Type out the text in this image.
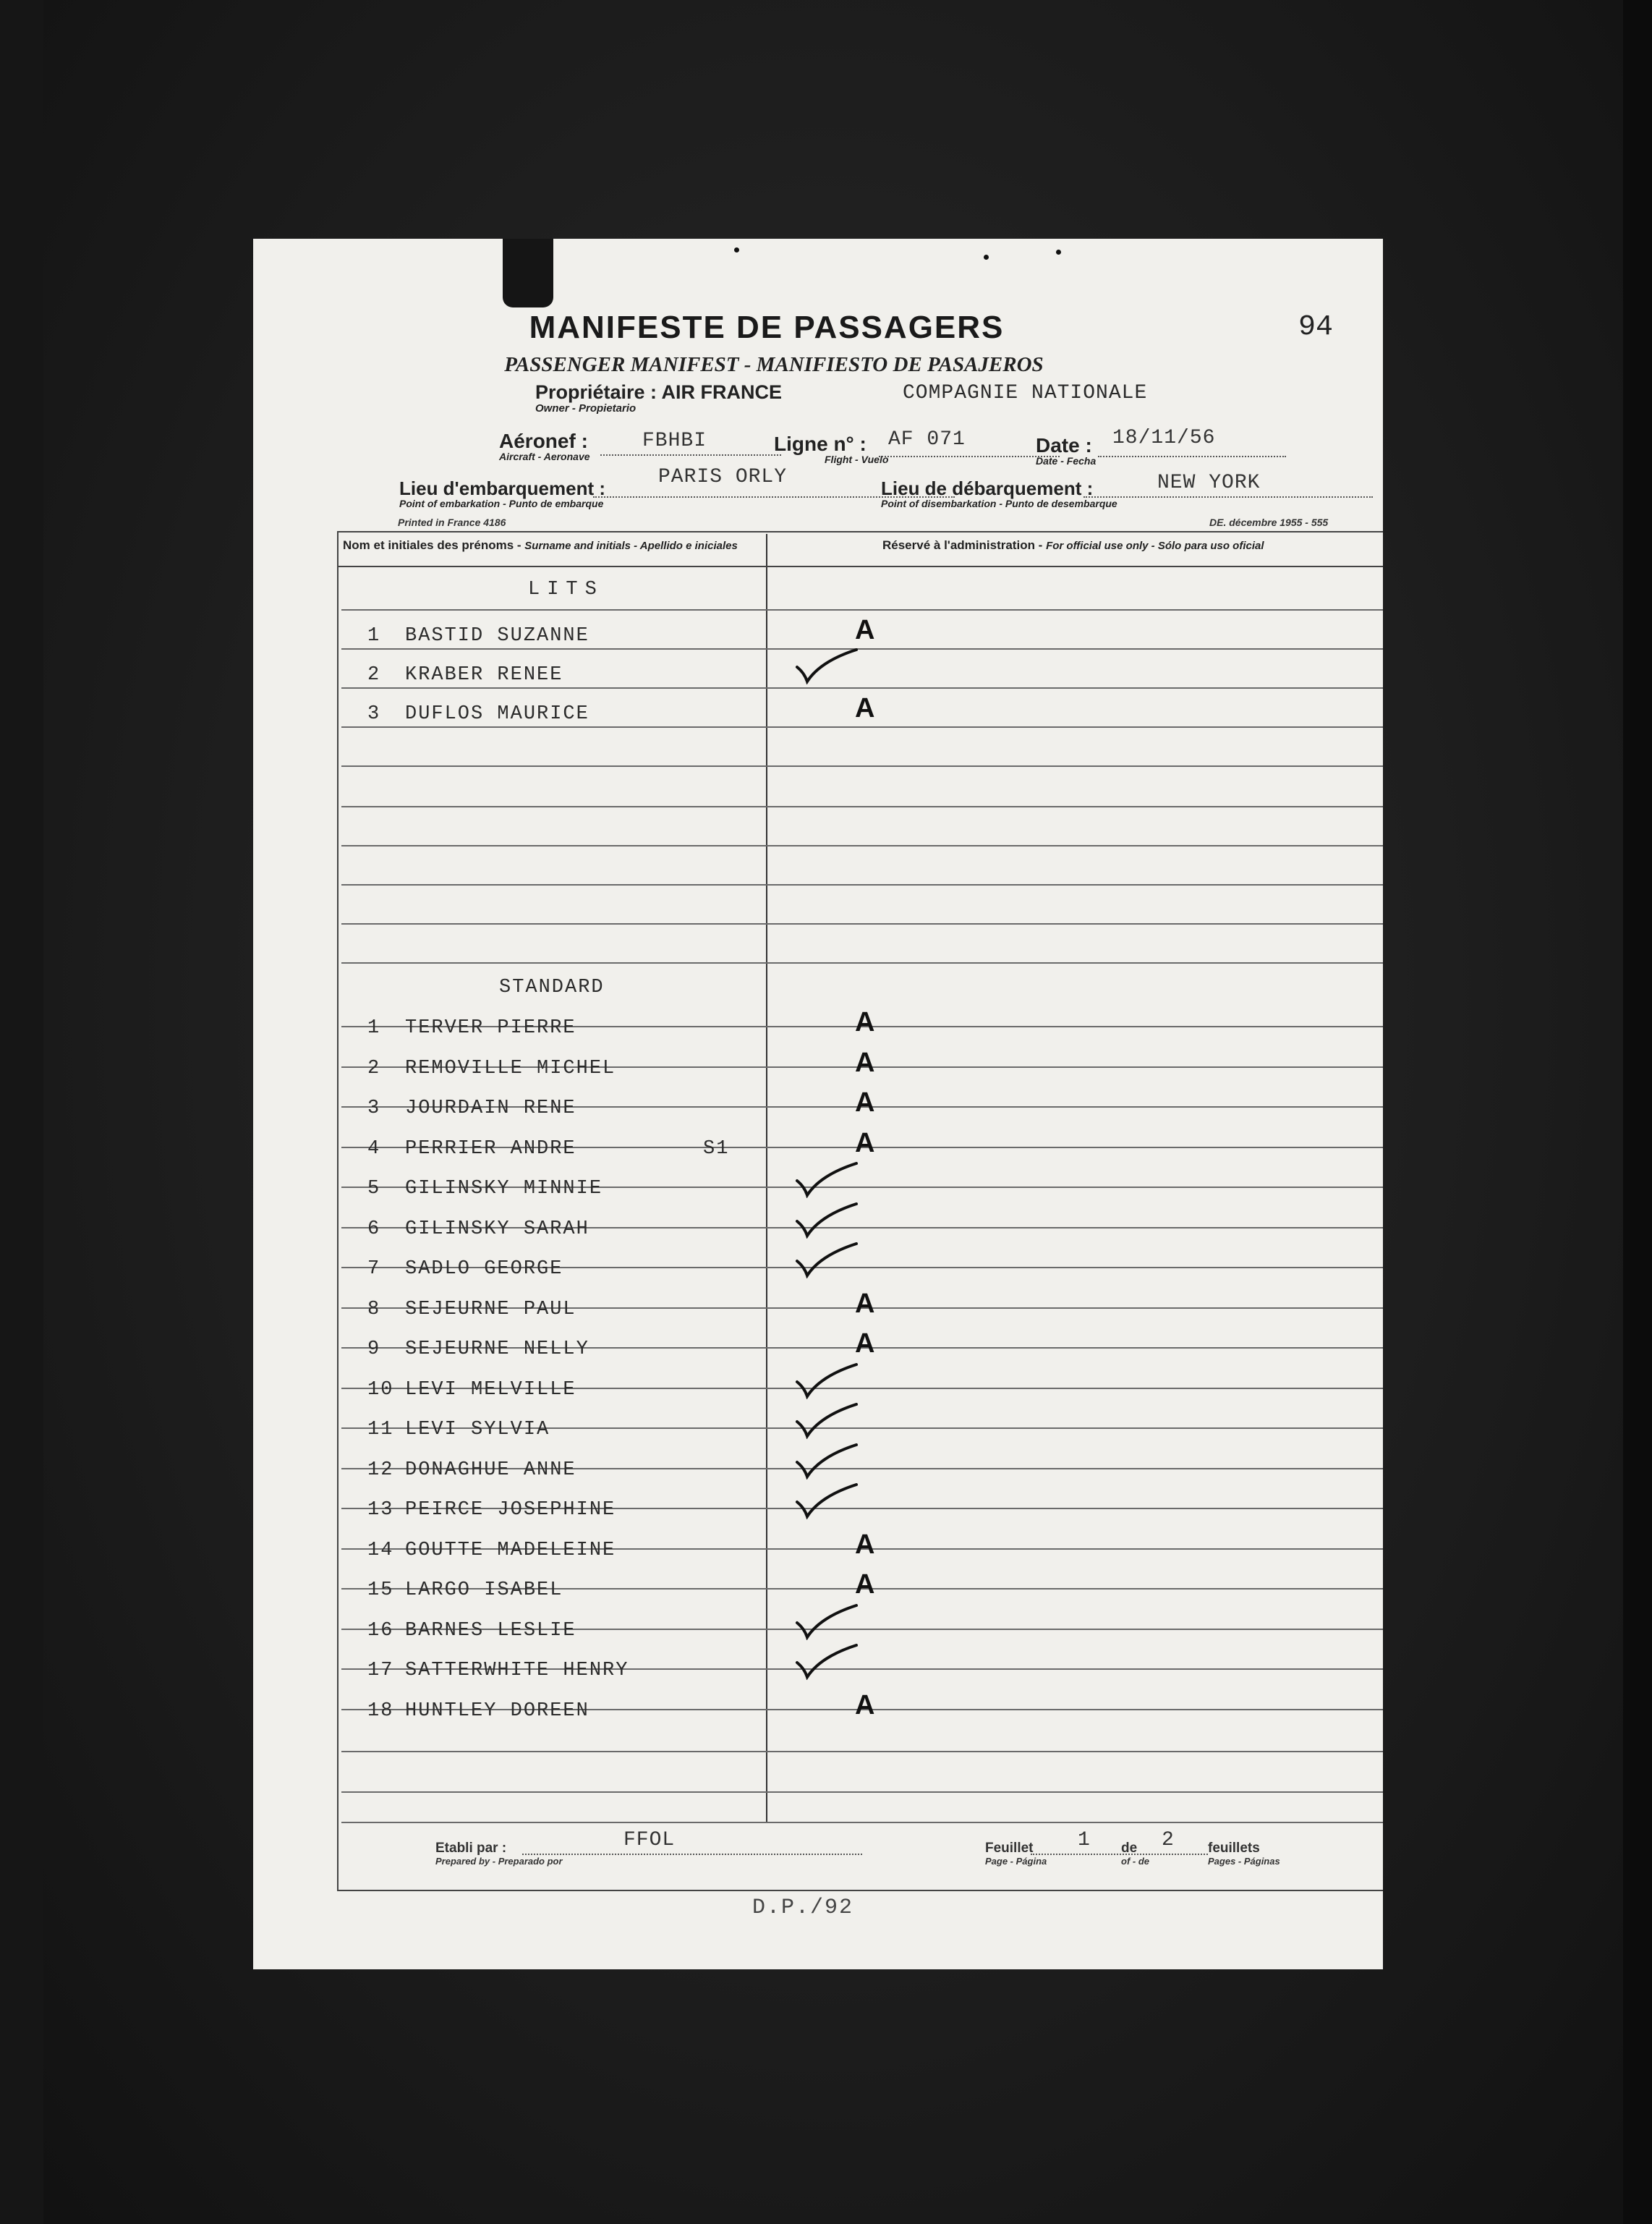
94
MANIFESTE DE PASSAGERS
PASSENGER MANIFEST - MANIFIESTO DE PASAJEROS
Propriétaire : AIR FRANCE
Owner - Propietario
COMPAGNIE NATIONALE
Aéronef :
Aircraft - Aeronave
FBHBI	Ligne n° :
Flight - Vuelo
AF 071	Date :
Date - Fecha
18/11/56
Lieu d'embarquement :
Point of embarkation - Punto de embarque
PARIS ORLY	Lieu de débarquement :
Point of disembarkation - Punto de desembarque
NEW YORK
Printed in France 4186	DE. décembre 1955 - 555
Nom et initiales des prénoms - Surname and initials - Apellido e iniciales	Réservé à l'administration - For official use only - Sólo para uso oficial
LITS
1 BASTID SUZANNE	A
2 KRABER RENEE
3 DUFLOS MAURICE	A
STANDARD
1 TERVER PIERRE	A
2 REMOVILLE MICHEL	A
3 JOURDAIN RENE	A
4 PERRIER ANDRE	S1	A
5 GILINSKY MINNIE
6 GILINSKY SARAH
7 SADLO GEORGE
8 SEJEURNE PAUL	A
9 SEJEURNE NELLY	A
10 LEVI MELVILLE
11 LEVI SYLVIA
12 DONAGHUE ANNE
13 PEIRCE JOSEPHINE
14 GOUTTE MADELEINE	A
15 LARGO ISABEL	A
16 BARNES LESLIE
17 SATTERWHITE HENRY
18 HUNTLEY DOREEN	A
Etabli par :
Prepared by - Preparado por
FFOL	Feuillet
Page - Página
1 de
of - de
2 feuillets
Pages - Páginas
D.P./92
